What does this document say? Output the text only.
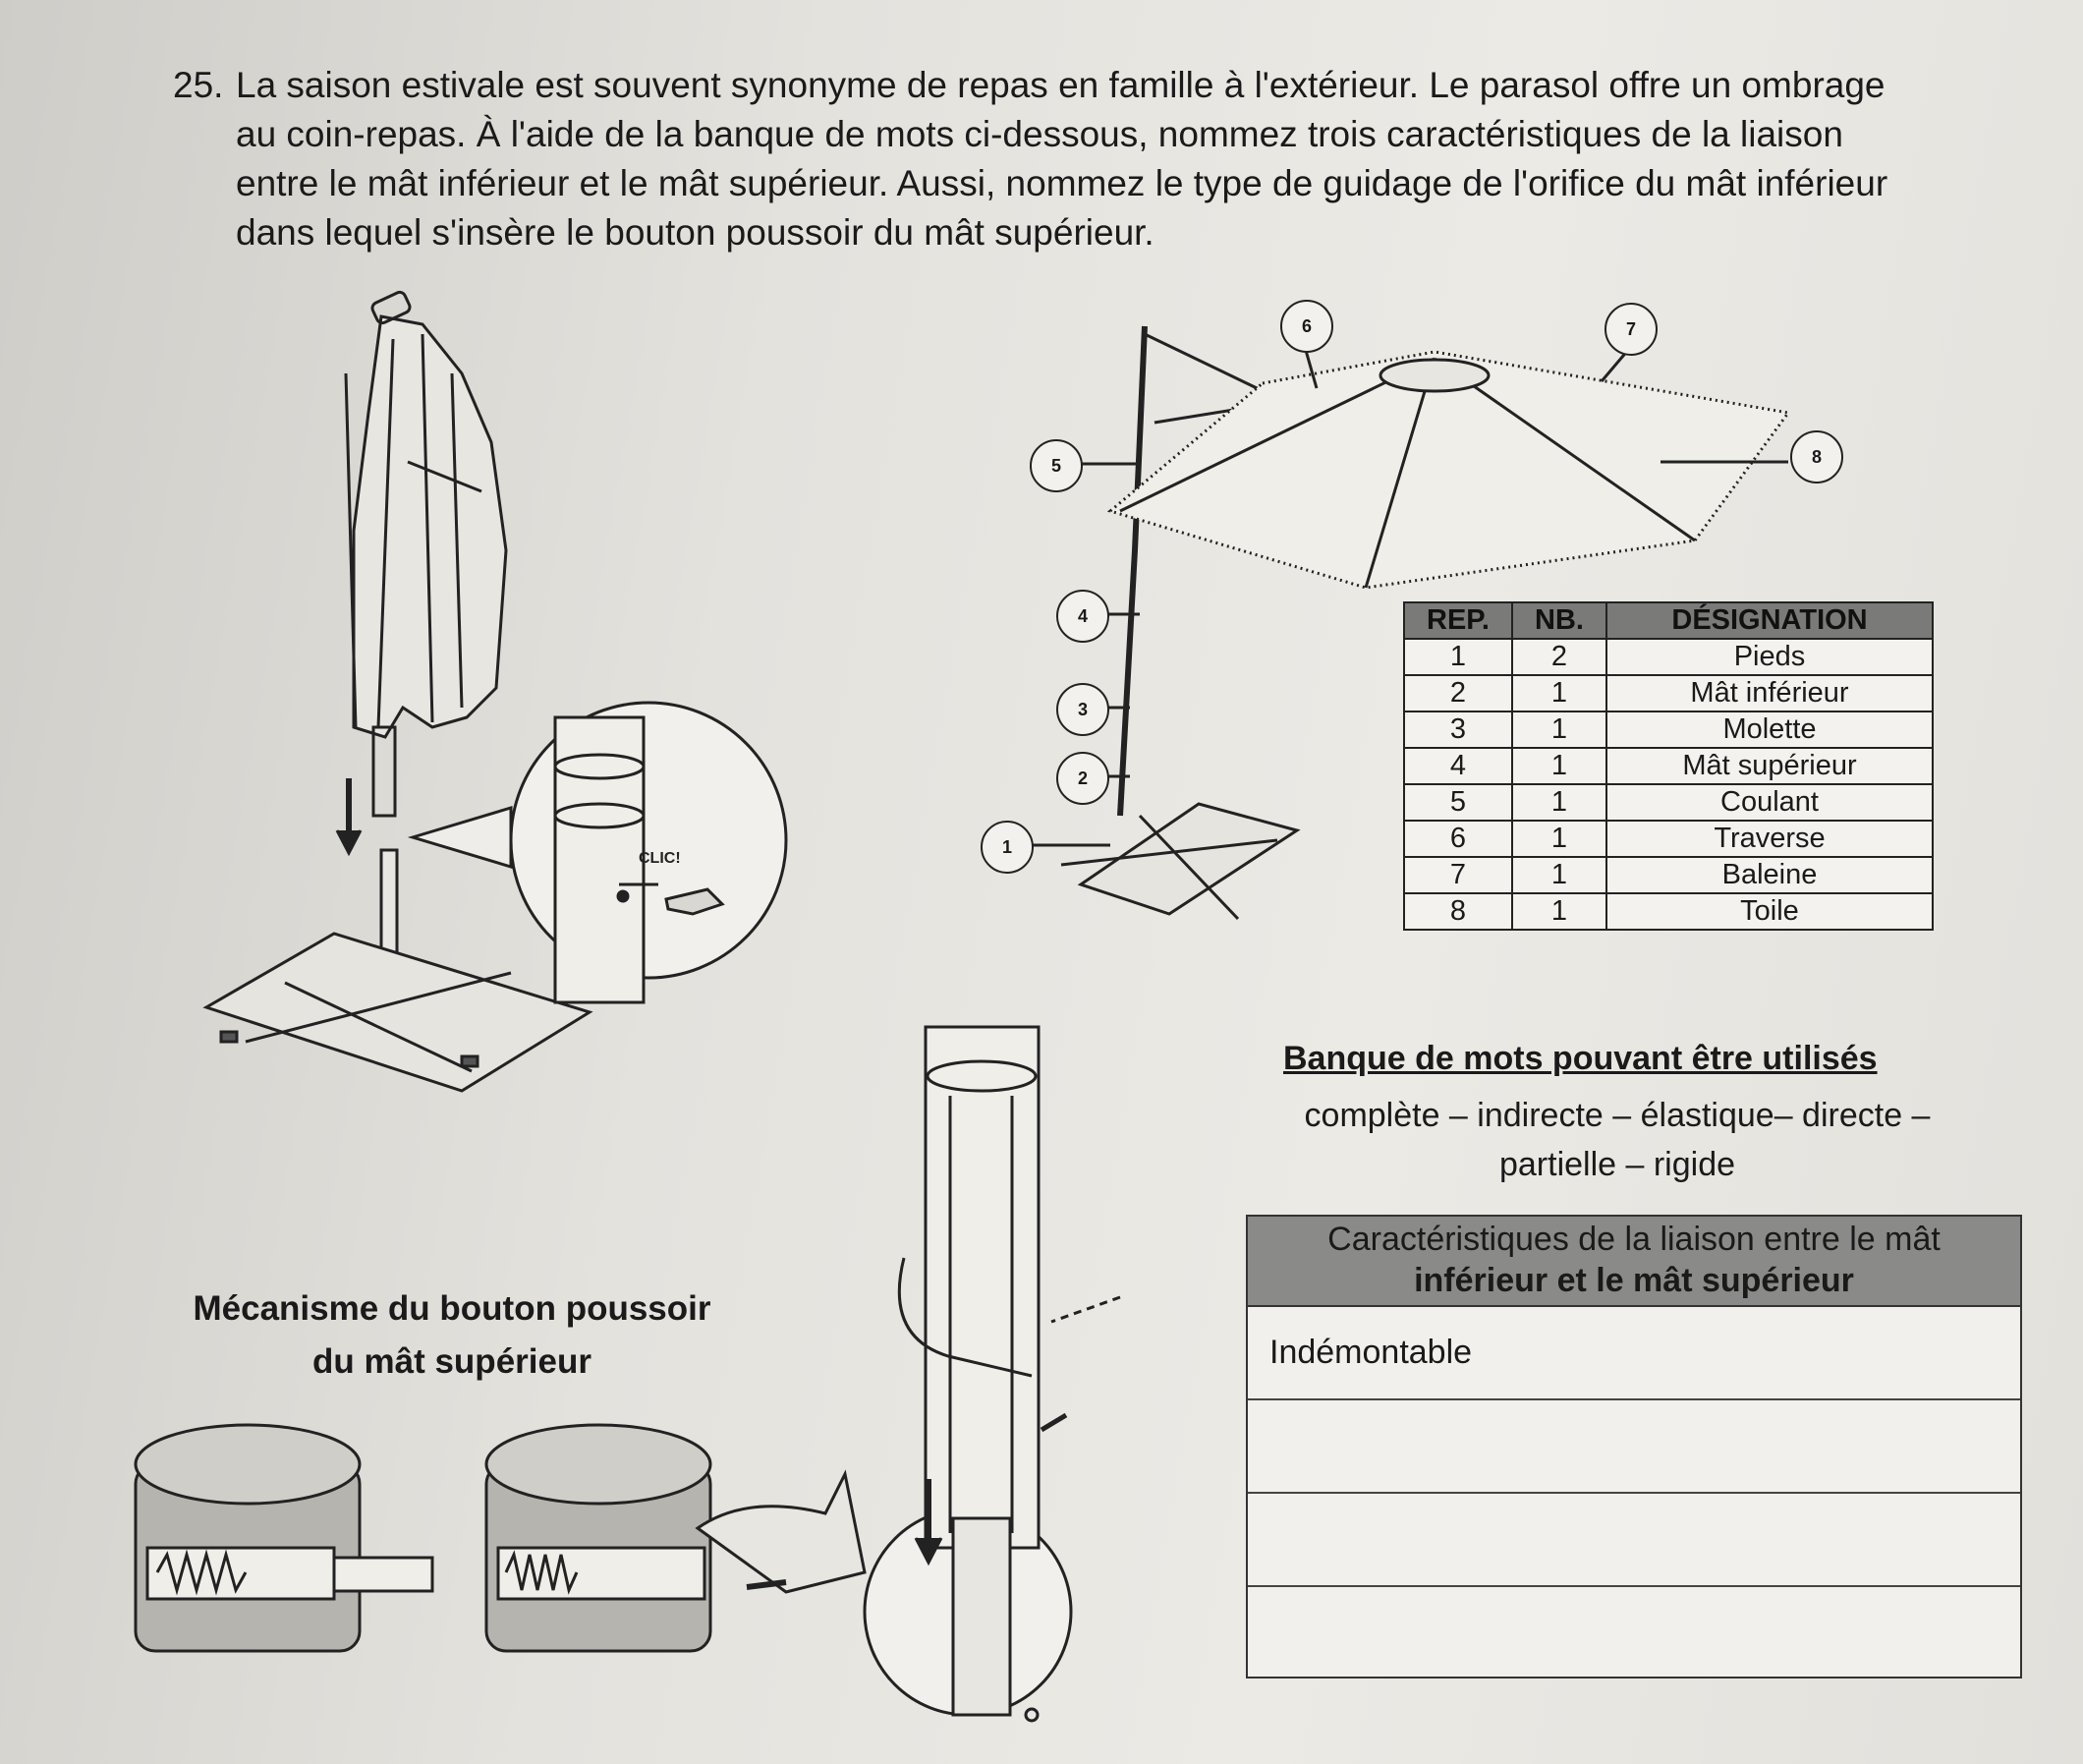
25. La saison estivale est souvent synonyme de repas en famille à l'extérieur. Le parasol offre un ombrage
au coin-repas. À l'aide de la banque de mots ci-dessous, nommez trois caractéristiques de la liaison
entre le mât inférieur et le mât supérieur. Aussi, nommez le type de guidage de l'orifice du mât inférieur
dans lequel s'insère le bouton poussoir du mât supérieur.
CLIC!
1
2
3
4
5
6	7
8
REP.	NB.	DÉSIGNATION
1	2	Pieds
2	1	Mât inférieur
3	1	Molette
4	1	Mât supérieur
5	1	Coulant
6	1	Traverse
7	1	Baleine
8	1	Toile
Banque de mots pouvant être utilisés
complète – indirecte – élastique– directe –
partielle – rigide
Caractéristiques de la liaison entre le mât
inférieur et le mât supérieur
Indémontable
Mécanisme du bouton poussoir
du mât supérieur
